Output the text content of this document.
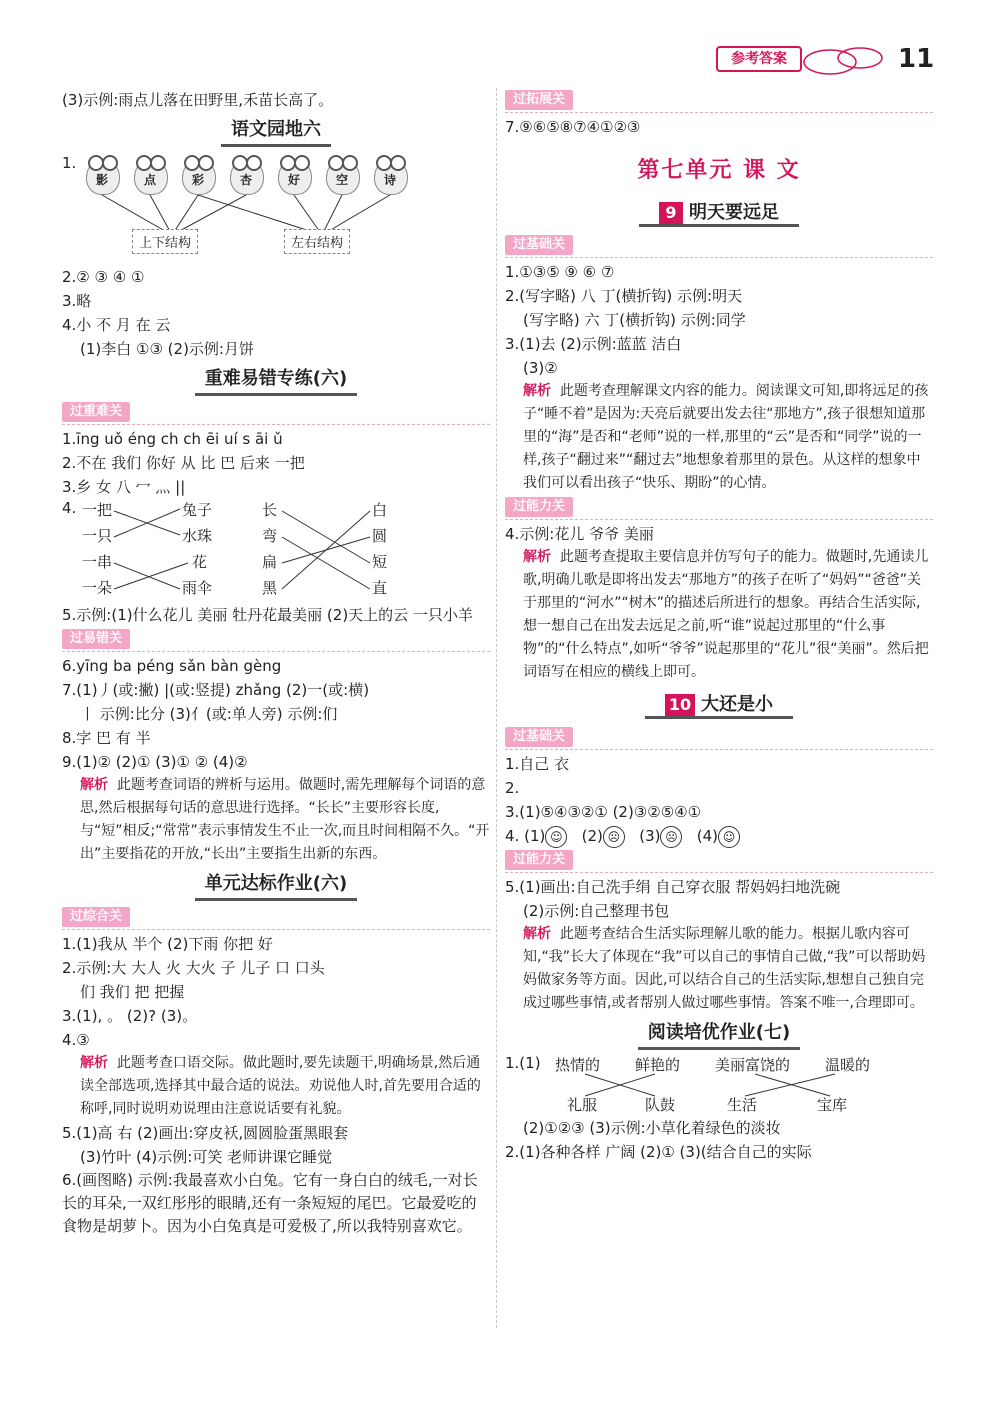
参考答案	11
(3)示例:雨点儿落在田野里,禾苗长高了。
语文园地六
1.
影	点	彩	杏	好	空	诗
上下结构	左右结构
2.② ③ ④ ①
3.略
4.小 不 月 在 云
(1)李白 ①③ (2)示例:月饼
重难易错专练(六)
过重难关
1.īng uǒ éng ch ch ēi uí s āi ǔ
2.不在 我们 你好 从 比 巴 后来 一把
3.乡 女 八 冖 灬 ||
4. 一把
一只
一串
一朵
兔子
水珠
花
雨伞
长
弯
扁
黑
白
圆
短
直
5.示例:(1)什么花儿 美丽 牡丹花最美丽 (2)天上的云 一只小羊
过易错关
6.yīng ba péng sǎn bàn gèng
7.(1)丿(或:撇) |(或:竖提) zhǎng (2)一(或:横)
丨 示例:比分 (3)亻(或:单人旁) 示例:们
8.字 巴 有 半
9.(1)② (2)① (3)① ② (4)②
解析 此题考查词语的辨析与运用。做题时,需先理解每个词语的意思,然后根据每句话的意思进行选择。“长长”主要形容长度,与“短”相反;“常常”表示事情发生不止一次,而且时间相隔不久。“开出”主要指花的开放,“长出”主要指生出新的东西。
单元达标作业(六)
过综合关
1.(1)我从 半个 (2)下雨 你把 好
2.示例:大 大人 火 大火 子 儿子 口 口头
们 我们 把 把握
3.(1), 。 (2)? (3)。
4.③
解析 此题考查口语交际。做此题时,要先读题干,明确场景,然后通读全部选项,选择其中最合适的说法。劝说他人时,首先要用合适的称呼,同时说明劝说理由注意说话要有礼貌。
5.(1)高 右 (2)画出:穿皮袄,圆圆脸蛋黑眼套
(3)竹叶 (4)示例:可笑 老师讲课它睡觉
6.(画图略) 示例:我最喜欢小白兔。它有一身白白的绒毛,一对长长的耳朵,一双红彤彤的眼睛,还有一条短短的尾巴。它最爱吃的食物是胡萝卜。因为小白兔真是可爱极了,所以我特别喜欢它。
过拓展关
7.⑨⑥⑤⑧⑦④①②③
第七单元 课 文
9 明天要远足
过基础关
1.①③⑤ ⑨ ⑥ ⑦
2.(写字略) 八 丁(横折钩) 示例:明天
(写字略) 六 丁(横折钩) 示例:同学
3.(1)去 (2)示例:蓝蓝 洁白
(3)②
解析 此题考查理解课文内容的能力。阅读课文可知,即将远足的孩子“睡不着”是因为:天亮后就要出发去往“那地方”,孩子很想知道那里的“海”是否和“老师”说的一样,那里的“云”是否和“同学”说的一样,孩子“翻过来”“翻过去”地想象着那里的景色。从这样的想象中我们可以看出孩子“快乐、期盼”的心情。
过能力关
4.示例:花儿 爷爷 美丽
解析 此题考查提取主要信息并仿写句子的能力。做题时,先通读儿歌,明确儿歌是即将出发去“那地方”的孩子在听了“妈妈”“爸爸”关于那里的“河水”“树木”的描述后所进行的想象。再结合生活实际,想一想自己在出发去远足之前,听“谁”说起过那里的“什么事物”的“什么特点”,如听“爷爷”说起那里的“花儿”很“美丽”。然后把词语写在相应的横线上即可。
10 大还是小
过基础关
1.自己 衣
2.
3.(1)⑤④③②① (2)③②⑤④①
4. (1) ☺ (2) ☹ (3) ☹ (4) ☺
过能力关
5.(1)画出:自己洗手绢 自己穿衣服 帮妈妈扫地洗碗
(2)示例:自己整理书包
解析 此题考查结合生活实际理解儿歌的能力。根据儿歌内容可知,“我”长大了体现在“我”可以自己的事情自己做,“我”可以帮助妈妈做家务等方面。因此,可以结合自己的生活实际,想想自己独自完成过哪些事情,或者帮别人做过哪些事情。答案不唯一,合理即可。
阅读培优作业(七)
1.(1) 热情的 鲜艳的 美丽富饶的 温暖的
礼服	队鼓	生活	宝库
(2)①②③ (3)示例:小草化着绿色的淡妆
2.(1)各种各样 广阔 (2)① (3)(结合自己的实际
